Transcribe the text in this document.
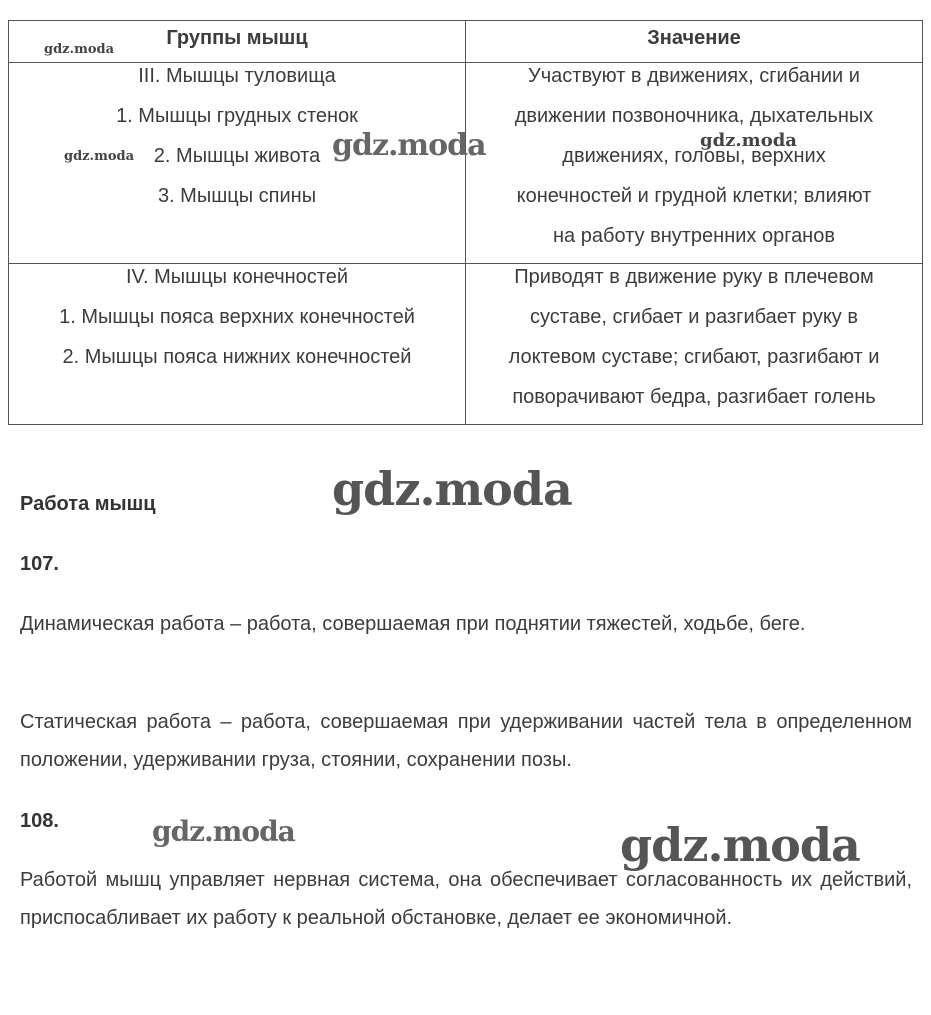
Группы мышц	Значение

III. Мышцы туловища
1. Мышцы грудных стенок
2. Мышцы живота
3. Мышцы спины	Участвуют в движениях, сгибании и
движении позвоночника, дыхательных
движениях, головы, верхних
конечностей и грудной клетки; влияют
на работу внутренних органов

IV. Мышцы конечностей
1. Мышцы пояса верхних конечностей
2. Мышцы пояса нижних конечностей	Приводят в движение руку в плечевом
суставе, сгибает и разгибает руку в
локтевом суставе; сгибают, разгибают и
поворачивают бедра, разгибает голень
Работа мышц
107.
Динамическая работа – работа, совершаемая при поднятии тяжестей, ходьбе, беге.
Статическая работа – работа, совершаемая при удерживании частей тела в определенном положении, удерживании груза, стоянии, сохранении позы.
108.
Работой мышц управляет нервная система, она обеспечивает согласованность их действий, приспосабливает их работу к реальной обстановке, делает ее экономичной.
gdz.moda
gdz.moda	gdz.moda	gdz.moda
gdz.moda
gdz.moda	gdz.moda
